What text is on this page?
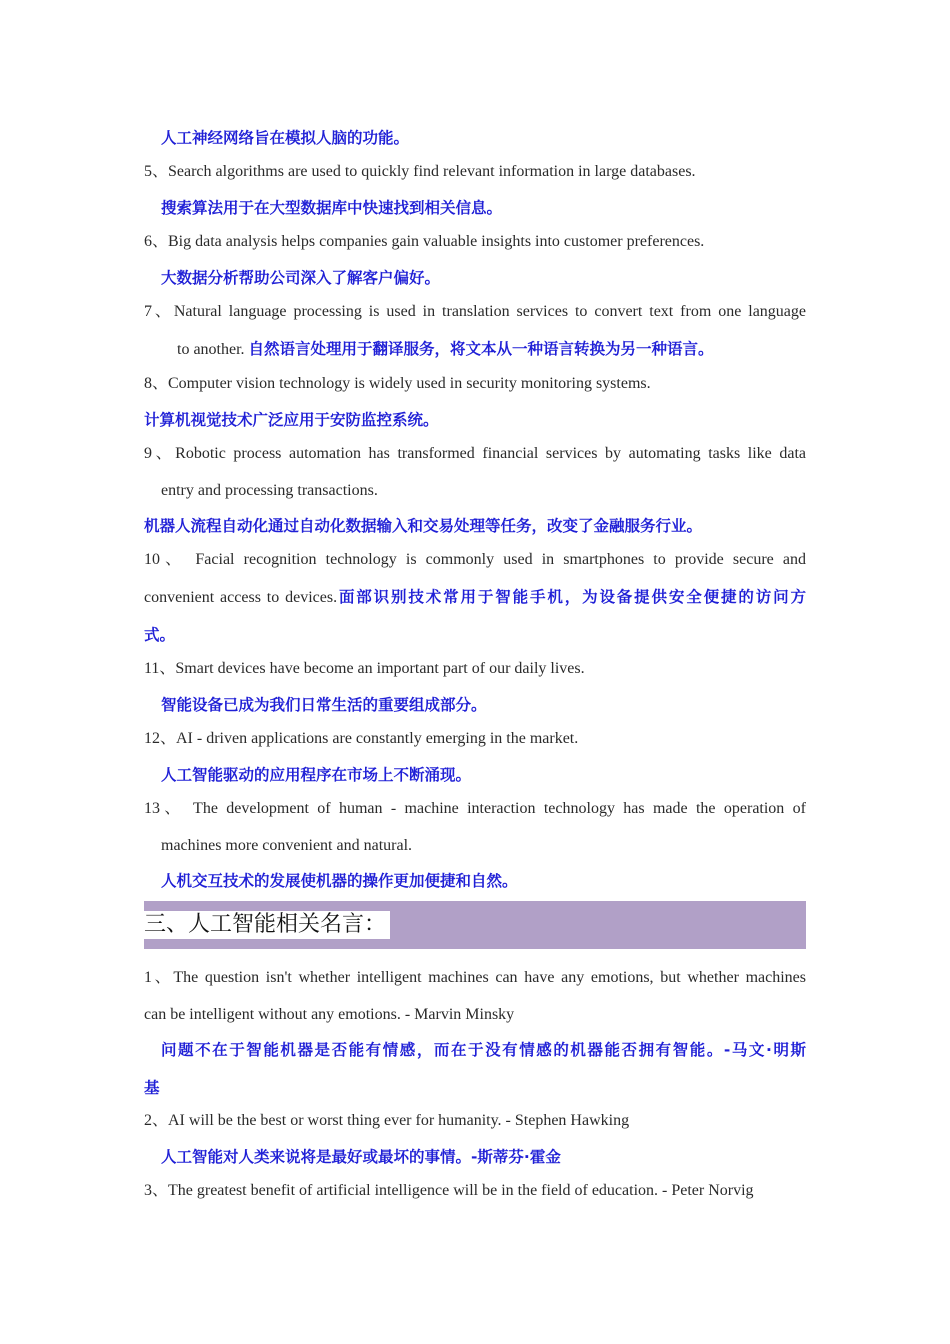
人工神经网络旨在模拟人脑的功能。
5、Search algorithms are used to quickly find relevant information in large databases.
搜索算法用于在大型数据库中快速找到相关信息。
6、Big data analysis helps companies gain valuable insights into customer preferences.
大数据分析帮助公司深入了解客户偏好。
7、Natural language processing is used in translation services to convert text from one language
to another. 自然语言处理用于翻译服务，将文本从一种语言转换为另一种语言。
8、Computer vision technology is widely used in security monitoring systems.
计算机视觉技术广泛应用于安防监控系统。
9、Robotic process automation has transformed financial services by automating tasks like data
entry and processing transactions.
机器人流程自动化通过自动化数据输入和交易处理等任务，改变了金融服务行业。
10、 Facial recognition technology is commonly used in smartphones to provide secure and
convenient access to devices.面部识别技术常用于智能手机，为设备提供安全便捷的访问方
式。
11、Smart devices have become an important part of our daily lives.
智能设备已成为我们日常生活的重要组成部分。
12、AI - driven applications are constantly emerging in the market.
人工智能驱动的应用程序在市场上不断涌现。
13、 The development of human - machine interaction technology has made the operation of
machines more convenient and natural.
人机交互技术的发展使机器的操作更加便捷和自然。
三、人工智能相关名言：
1、The question isn't whether intelligent machines can have any emotions, but whether machines
can be intelligent without any emotions. - Marvin Minsky
问题不在于智能机器是否能有情感，而在于没有情感的机器能否拥有智能。-马文·明斯
基
2、AI will be the best or worst thing ever for humanity. - Stephen Hawking
人工智能对人类来说将是最好或最坏的事情。-斯蒂芬·霍金
3、The greatest benefit of artificial intelligence will be in the field of education. - Peter Norvig
